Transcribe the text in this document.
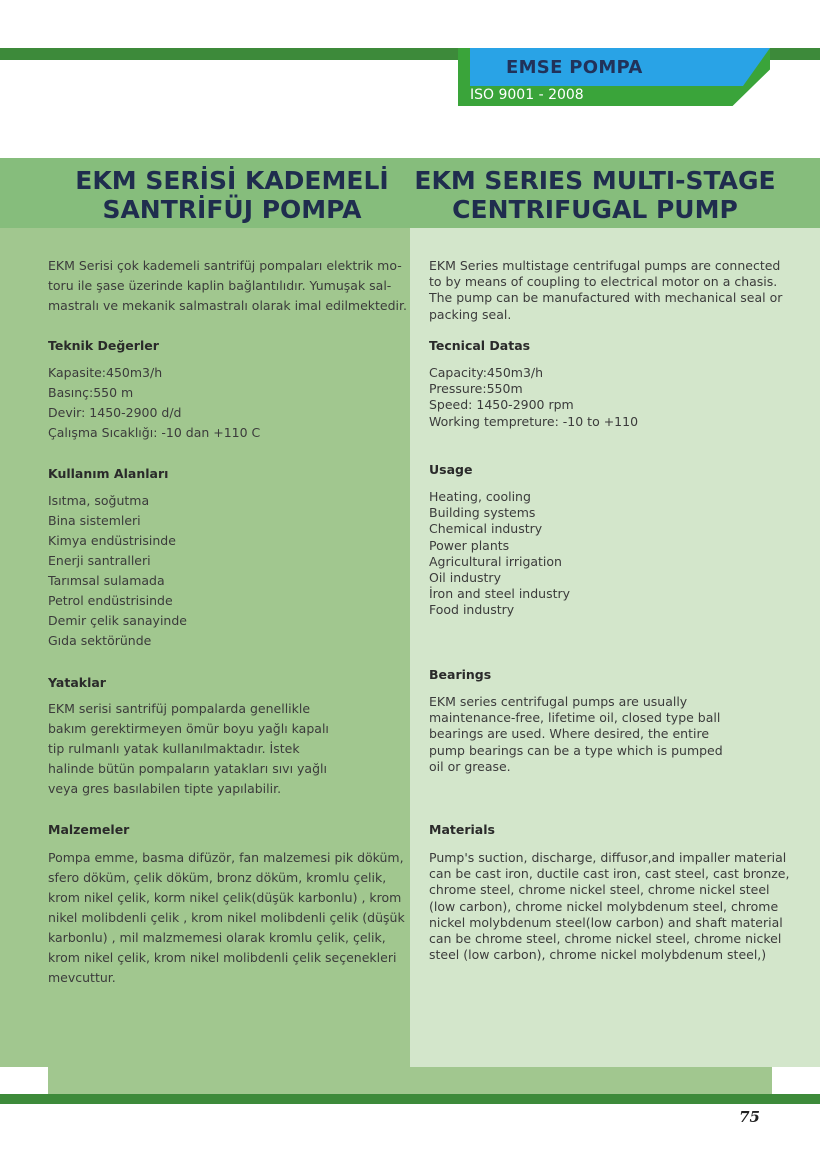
EMSE POMPA
ISO 9001 - 2008
EKM SERİSİ KADEMELİ
SANTRİFÜJ POMPA
EKM SERIES MULTI-STAGE
CENTRIFUGAL PUMP
EKM Serisi çok kademeli santrifüj pompaları elektrik mo-
toru ile şase üzerinde kaplin bağlantılıdır. Yumuşak sal-
mastralı ve mekanik salmastralı olarak imal edilmektedir.
Teknik Değerler
Kapasite:450m3/h
Basınç:550 m
Devir: 1450-2900 d/d
Çalışma Sıcaklığı: -10 dan +110 C
Kullanım Alanları
Isıtma, soğutma
Bina sistemleri
Kimya endüstrisinde
Enerji santralleri
Tarımsal sulamada
Petrol endüstrisinde
Demir çelik sanayinde
Gıda sektöründe
Yataklar
EKM serisi santrifüj pompalarda genellikle
bakım gerektirmeyen ömür boyu yağlı kapalı
tip rulmanlı yatak kullanılmaktadır. İstek
halinde bütün pompaların yatakları sıvı yağlı
veya gres basılabilen tipte yapılabilir.
Malzemeler
Pompa emme, basma difüzör, fan malzemesi pik döküm,
sfero döküm, çelik döküm, bronz döküm, kromlu çelik,
krom nikel çelik, korm nikel çelik(düşük karbonlu) , krom
nikel molibdenli çelik , krom nikel molibdenli çelik (düşük
karbonlu) , mil malzmemesi olarak kromlu çelik, çelik,
krom nikel çelik, krom nikel molibdenli çelik seçenekleri
mevcuttur.
EKM Series multistage centrifugal pumps are connected
to by means of coupling to electrical motor on a chasis.
The pump can be manufactured with mechanical seal or
packing seal.
Tecnical Datas
Capacity:450m3/h
Pressure:550m
Speed: 1450-2900 rpm
Working tempreture: -10 to +110
Usage
Heating, cooling
Building systems
Chemical industry
Power plants
Agricultural irrigation
Oil industry
İron and steel industry
Food industry
Bearings
EKM series centrifugal pumps are usually
maintenance-free, lifetime oil, closed type ball
bearings are used. Where desired, the entire
pump bearings can be a type which is pumped
oil or grease.
Materials
Pump's suction, discharge, diffusor,and impaller material
can be cast iron, ductile cast iron, cast steel, cast bronze,
chrome steel, chrome nickel steel, chrome nickel steel
(low carbon), chrome nickel molybdenum steel, chrome
nickel molybdenum steel(low carbon) and shaft material
can be chrome steel, chrome nickel steel, chrome nickel
steel (low carbon), chrome nickel molybdenum steel,)
75
